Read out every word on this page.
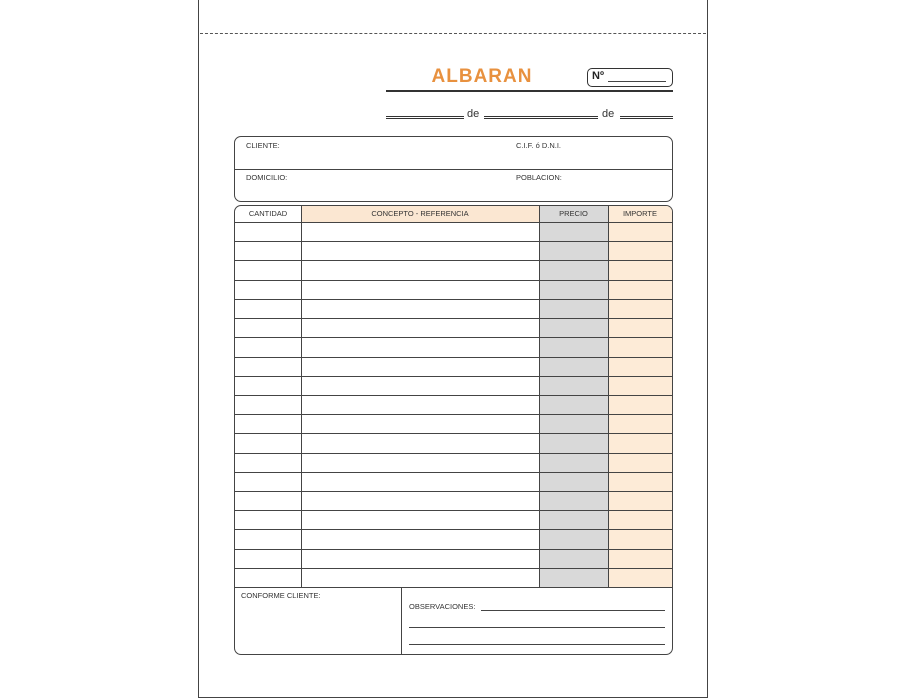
ALBARAN	Nº
de	de
CLIENTE:	C.I.F. ó D.N.I.
DOMICILIO:	POBLACION:
CANTIDAD	CONCEPTO - REFERENCIA	PRECIO	IMPORTE
CONFORME CLIENTE:
OBSERVACIONES:
